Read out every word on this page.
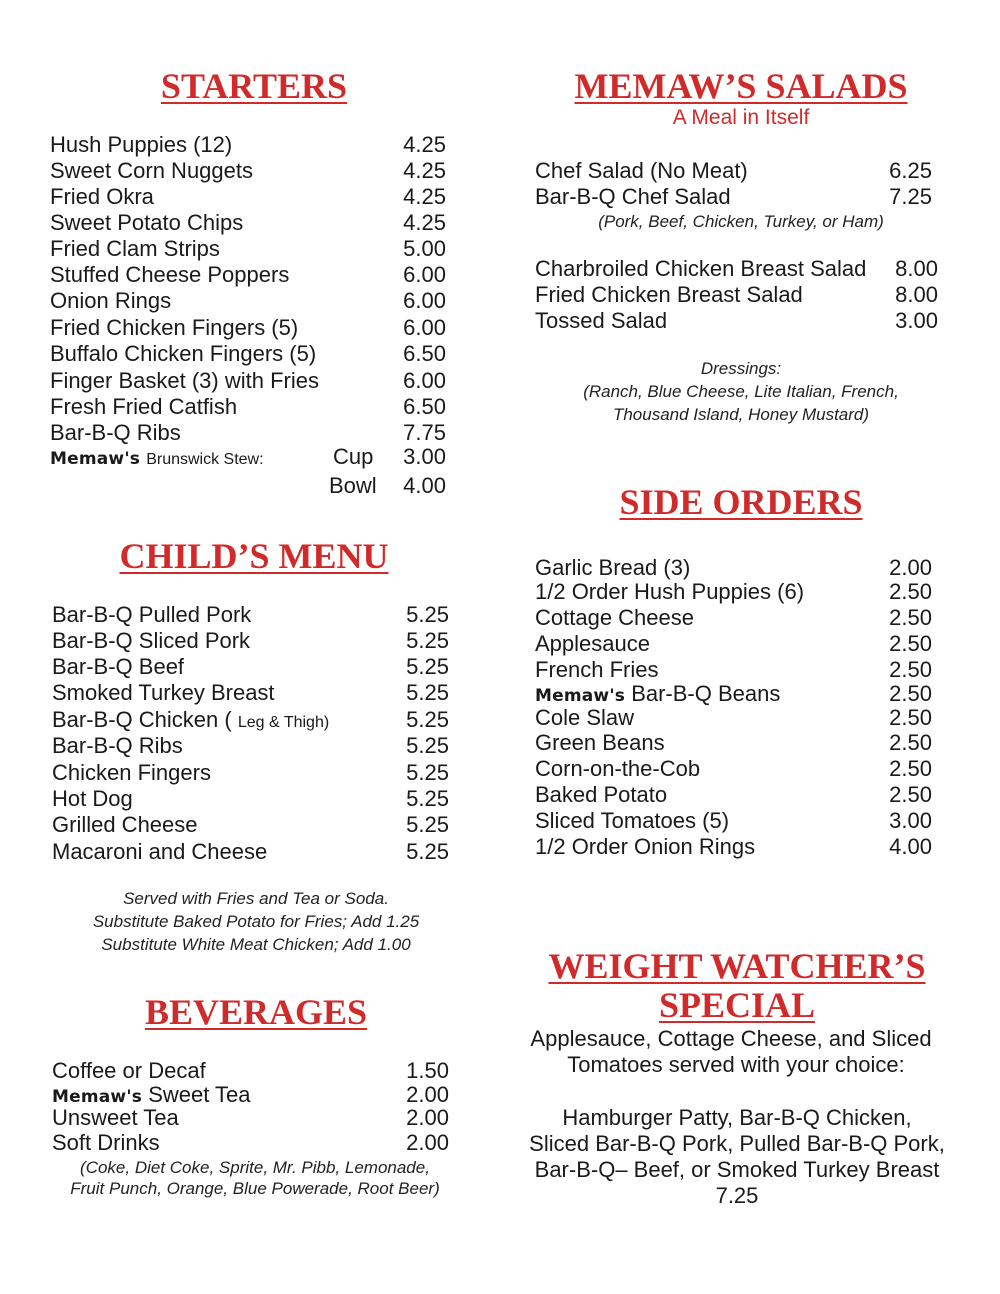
STARTERS
Hush Puppies (12)	4.25
Sweet Corn Nuggets	4.25
Fried Okra	4.25
Sweet Potato Chips	4.25
Fried Clam Strips	5.00
Stuffed Cheese Poppers	6.00
Onion Rings	6.00
Fried Chicken Fingers (5)	6.00
Buffalo Chicken Fingers (5)	6.50
Finger Basket (3) with Fries	6.00
Fresh Fried Catfish	6.50
Bar-B-Q Ribs	7.75
Memaw's Brunswick Stew:	Cup 3.00
Bowl 4.00
CHILD’S MENU
Bar-B-Q Pulled Pork	5.25
Bar-B-Q Sliced Pork	5.25
Bar-B-Q Beef	5.25
Smoked Turkey Breast	5.25
Bar-B-Q Chicken ( Leg & Thigh)	5.25
Bar-B-Q Ribs	5.25
Chicken Fingers	5.25
Hot Dog	5.25
Grilled Cheese	5.25
Macaroni and Cheese	5.25
Served with Fries and Tea or Soda.
Substitute Baked Potato for Fries; Add 1.25
Substitute White Meat Chicken; Add 1.00
BEVERAGES
Coffee or Decaf	1.50
Memaw's Sweet Tea	2.00
Unsweet Tea	2.00
Soft Drinks	2.00
(Coke, Diet Coke, Sprite, Mr. Pibb, Lemonade,
Fruit Punch, Orange, Blue Powerade, Root Beer)
MEMAW’S SALADS
A Meal in Itself
Chef Salad (No Meat)	6.25
Bar-B-Q Chef Salad	7.25
(Pork, Beef, Chicken, Turkey, or Ham)
Charbroiled Chicken Breast Salad 8.00
Fried Chicken Breast Salad	8.00
Tossed Salad	3.00
Dressings:
(Ranch, Blue Cheese, Lite Italian, French,
Thousand Island, Honey Mustard)
SIDE ORDERS
Garlic Bread (3)	2.00
1/2 Order Hush Puppies (6)	2.50
Cottage Cheese	2.50
Applesauce	2.50
French Fries	2.50
Memaw's Bar-B-Q Beans	2.50
Cole Slaw	2.50
Green Beans	2.50
Corn-on-the-Cob	2.50
Baked Potato	2.50
Sliced Tomatoes (5)	3.00
1/2 Order Onion Rings	4.00
WEIGHT WATCHER’S
SPECIAL
Applesauce, Cottage Cheese, and Sliced
Tomatoes served with your choice:
Hamburger Patty, Bar-B-Q Chicken,
Sliced Bar-B-Q Pork, Pulled Bar-B-Q Pork,
Bar-B-Q– Beef, or Smoked Turkey Breast
7.25
